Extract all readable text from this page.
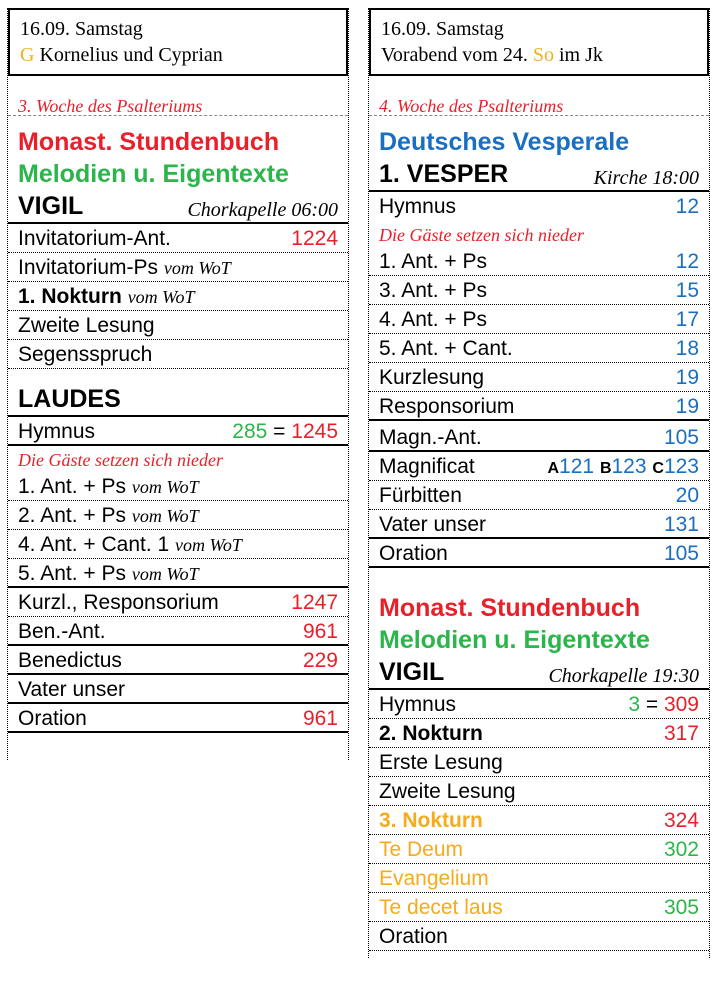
16.09. Samstag
G Kornelius und Cyprian
3. Woche des Psalteriums
Monast. Stundenbuch
Melodien u. Eigentexte
VIGIL	Chorkapelle 06:00
Invitatorium-Ant.	1224
Invitatorium-Ps vom WoT
1. Nokturn vom WoT
Zweite Lesung
Segensspruch
LAUDES
Hymnus	285 = 1245
Die Gäste setzen sich nieder
1. Ant. + Ps vom WoT
2. Ant. + Ps vom WoT
4. Ant. + Cant. 1 vom WoT
5. Ant. + Ps vom WoT
Kurzl., Responsorium	1247
Ben.-Ant.	961
Benedictus	229
Vater unser
Oration	961
16.09. Samstag
Vorabend vom 24. So im Jk
4. Woche des Psalteriums
Deutsches Vesperale
1. VESPER	Kirche 18:00
Hymnus	12
Die Gäste setzen sich nieder
1. Ant. + Ps	12
3. Ant. + Ps	15
4. Ant. + Ps	17
5. Ant. + Cant.	18
Kurzlesung	19
Responsorium	19
Magn.-Ant.	105
Magnificat	A121 B123 C123
Fürbitten	20
Vater unser	131
Oration	105
Monast. Stundenbuch
Melodien u. Eigentexte
VIGIL	Chorkapelle 19:30
Hymnus	3 = 309
2. Nokturn	317
Erste Lesung
Zweite Lesung
3. Nokturn	324
Te Deum	302
Evangelium
Te decet laus	305
Oration
